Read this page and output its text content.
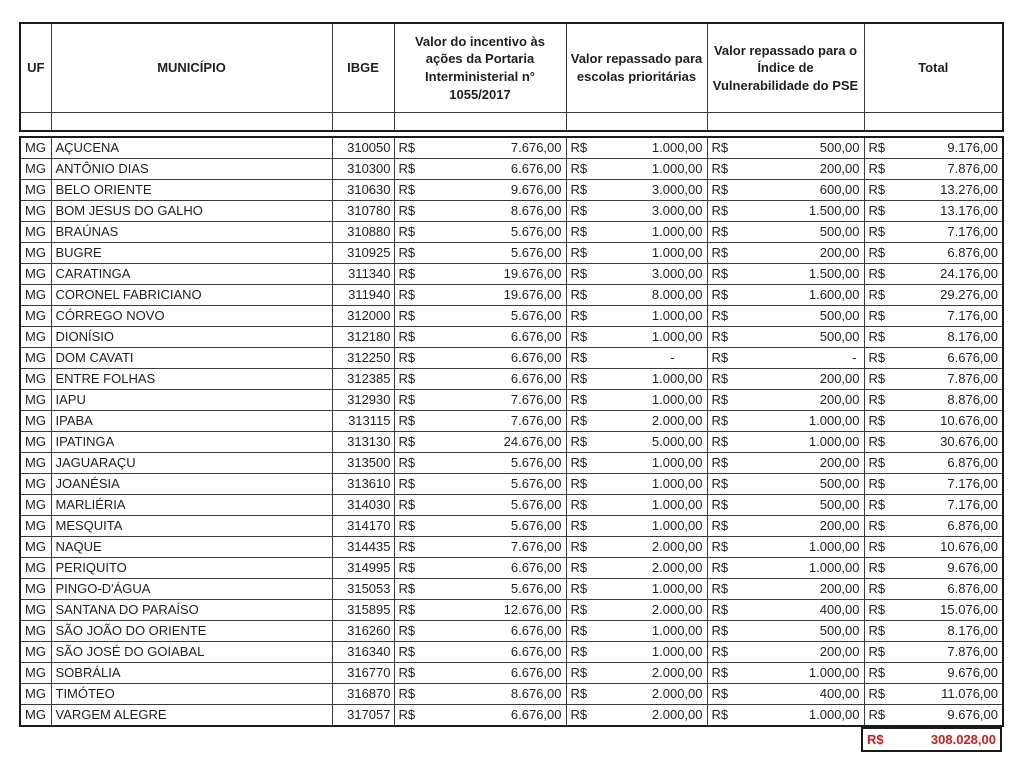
UF	MUNICÍPIO	IBGE	Valor do incentivo às ações da Portaria Interministerial n° 1055/2017	Valor repassado para escolas prioritárias	Valor repassado para o Índice de Vulnerabilidade do PSE	Total

MG	AÇUCENA	310050	R$ 7.676,00	R$ 1.000,00	R$ 500,00	R$ 9.176,00

MG	ANTÔNIO DIAS	310300	R$ 6.676,00	R$ 1.000,00	R$ 200,00	R$ 7.876,00

MG	BELO ORIENTE	310630	R$ 9.676,00	R$ 3.000,00	R$ 600,00	R$ 13.276,00

MG	BOM JESUS DO GALHO	310780	R$ 8.676,00	R$ 3.000,00	R$ 1.500,00	R$ 13.176,00

MG	BRAÚNAS	310880	R$ 5.676,00	R$ 1.000,00	R$ 500,00	R$ 7.176,00

MG	BUGRE	310925	R$ 5.676,00	R$ 1.000,00	R$ 200,00	R$ 6.876,00

MG	CARATINGA	311340	R$ 19.676,00	R$ 3.000,00	R$ 1.500,00	R$ 24.176,00

MG	CORONEL FABRICIANO	311940	R$ 19.676,00	R$ 8.000,00	R$ 1.600,00	R$ 29.276,00

MG	CÓRREGO NOVO	312000	R$ 5.676,00	R$ 1.000,00	R$ 500,00	R$ 7.176,00

MG	DIONÍSIO	312180	R$ 6.676,00	R$ 1.000,00	R$ 500,00	R$ 8.176,00

MG	DOM CAVATI	312250	R$ 6.676,00	R$ -	R$ -	R$ 6.676,00

MG	ENTRE FOLHAS	312385	R$ 6.676,00	R$ 1.000,00	R$ 200,00	R$ 7.876,00

MG	IAPU	312930	R$ 7.676,00	R$ 1.000,00	R$ 200,00	R$ 8.876,00

MG	IPABA	313115	R$ 7.676,00	R$ 2.000,00	R$ 1.000,00	R$ 10.676,00

MG	IPATINGA	313130	R$ 24.676,00	R$ 5.000,00	R$ 1.000,00	R$ 30.676,00

MG	JAGUARAÇU	313500	R$ 5.676,00	R$ 1.000,00	R$ 200,00	R$ 6.876,00

MG	JOANÉSIA	313610	R$ 5.676,00	R$ 1.000,00	R$ 500,00	R$ 7.176,00

MG	MARLIÉRIA	314030	R$ 5.676,00	R$ 1.000,00	R$ 500,00	R$ 7.176,00

MG	MESQUITA	314170	R$ 5.676,00	R$ 1.000,00	R$ 200,00	R$ 6.876,00

MG	NAQUE	314435	R$ 7.676,00	R$ 2.000,00	R$ 1.000,00	R$ 10.676,00

MG	PERIQUITO	314995	R$ 6.676,00	R$ 2.000,00	R$ 1.000,00	R$ 9.676,00

MG	PINGO-D'ÁGUA	315053	R$ 5.676,00	R$ 1.000,00	R$ 200,00	R$ 6.876,00

MG	SANTANA DO PARAÍSO	315895	R$ 12.676,00	R$ 2.000,00	R$ 400,00	R$ 15.076,00

MG	SÃO JOÃO DO ORIENTE	316260	R$ 6.676,00	R$ 1.000,00	R$ 500,00	R$ 8.176,00

MG	SÃO JOSÉ DO GOIABAL	316340	R$ 6.676,00	R$ 1.000,00	R$ 200,00	R$ 7.876,00

MG	SOBRÁLIA	316770	R$ 6.676,00	R$ 2.000,00	R$ 1.000,00	R$ 9.676,00

MG	TIMÓTEO	316870	R$ 8.676,00	R$ 2.000,00	R$ 400,00	R$ 11.076,00

MG	VARGEM ALEGRE	317057	R$ 6.676,00	R$ 2.000,00	R$ 1.000,00	R$ 9.676,00
R$	308.028,00
